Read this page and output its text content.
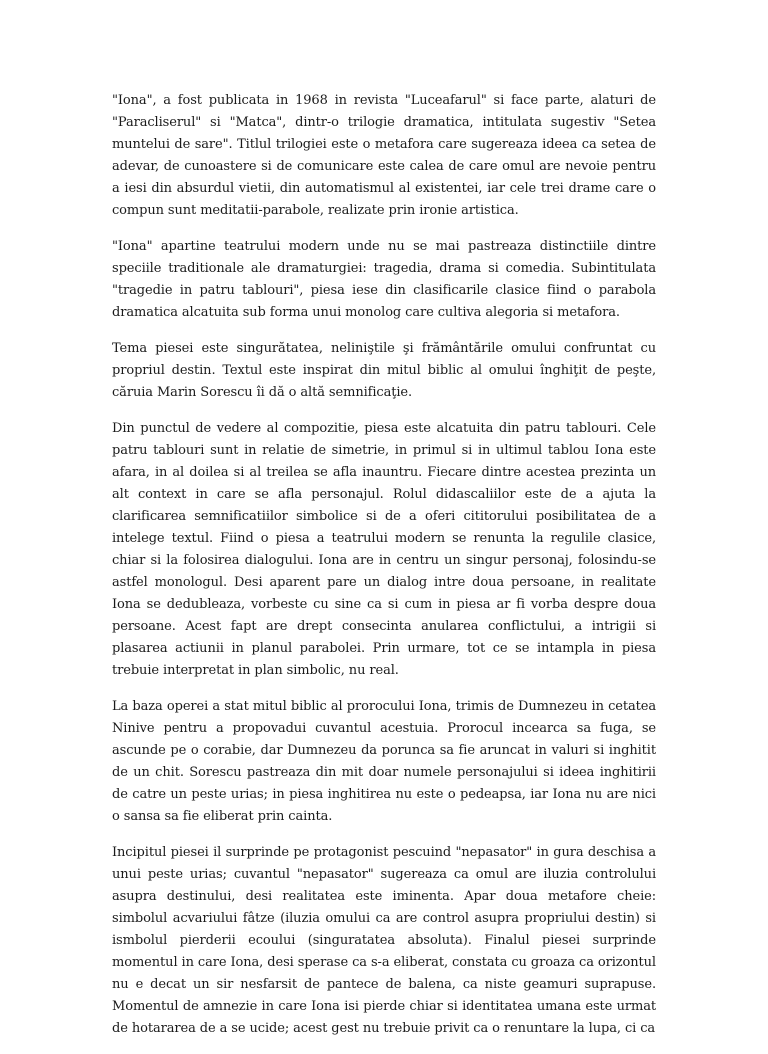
"Iona", a fost publicata in 1968 in revista "Luceafarul" si face parte, alaturi de "Paracliserul" si "Matca", dintr-o trilogie dramatica, intitulata sugestiv "Setea muntelui de sare". Titlul trilogiei este o metafora care sugereaza ideea ca setea de adevar, de cunoastere si de comunicare este calea de care omul are nevoie pentru a iesi din absurdul vietii, din automatismul al existentei, iar cele trei drame care o compun sunt meditatii-parabole, realizate prin ironie artistica.

"Iona" apartine teatrului modern unde nu se mai pastreaza distinctiile dintre speciile traditionale ale dramaturgiei: tragedia, drama si comedia. Subintitulata "tragedie in patru tablouri", piesa iese din clasificarile clasice fiind o parabola dramatica alcatuita sub forma unui monolog care cultiva alegoria si metafora.

Tema piesei este singurătatea, neliniştile şi frământările omului confruntat cu propriul destin. Textul este inspirat din mitul biblic al omului înghiţit de peşte, căruia Marin Sorescu îi dă o altă semnificaţie.

Din punctul de vedere al compozitie, piesa este alcatuita din patru tablouri. Cele patru tablouri sunt in relatie de simetrie, in primul si in ultimul tablou Iona este afara, in al doilea si al treilea se afla inauntru. Fiecare dintre acestea prezinta un alt context in care se afla personajul. Rolul didascaliilor este de a ajuta la clarificarea semnificatiilor simbolice si de a oferi cititorului posibilitatea de a intelege textul. Fiind o piesa a teatrului modern se renunta la regulile clasice, chiar si la folosirea dialogului. Iona are in centru un singur personaj, folosindu-se astfel monologul. Desi aparent pare un dialog intre doua persoane, in realitate Iona se dedubleaza, vorbeste cu sine ca si cum in piesa ar fi vorba despre doua persoane. Acest fapt are drept consecinta anularea conflictului, a intrigii si plasarea actiunii in planul parabolei. Prin urmare, tot ce se intampla in piesa trebuie interpretat in plan simbolic, nu real.

La baza operei a stat mitul biblic al prorocului Iona, trimis de Dumnezeu in cetatea Ninive pentru a propovadui cuvantul acestuia. Prorocul incearca sa fuga, se ascunde pe o corabie, dar Dumnezeu da porunca sa fie aruncat in valuri si inghitit de un chit. Sorescu pastreaza din mit doar numele personajului si ideea inghitirii de catre un peste urias; in piesa inghitirea nu este o pedeapsa, iar Iona nu are nici o sansa sa fie eliberat prin cainta.

Incipitul piesei il surprinde pe protagonist pescuind "nepasator" in gura deschisa a unui peste urias; cuvantul "nepasator" sugereaza ca omul are iluzia controlului asupra destinului, desi realitatea este iminenta. Apar doua metafore cheie: simbolul acvariului fâtze (iluzia omului ca are control asupra propriului destin) si ismbolul pierderii ecoului (singuratatea absoluta). Finalul piesei surprinde momentul in care Iona, desi sperase ca s-a eliberat, constata cu groaza ca orizontul nu e decat un sir nesfarsit de pantece de balena, ca niste geamuri suprapuse. Momentul de amnezie in care Iona isi pierde chiar si identitatea umana este urmat de hotararea de a se ucide; acest gest nu trebuie privit ca o renuntare la lupa, ci ca
